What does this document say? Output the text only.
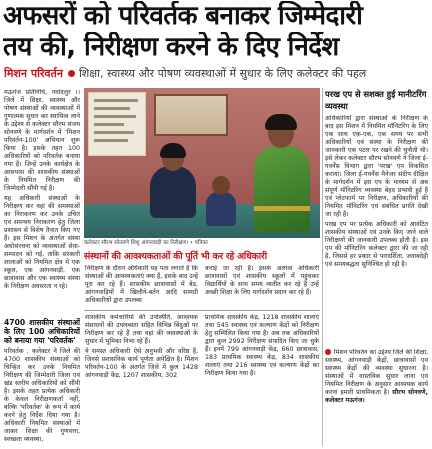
अफसरों को परिवर्तक बनाकर जिम्मेदारी
तय की, निरीक्षण करने के दिए निर्देश
मिशन परिवर्तन शिक्षा, स्वास्थ्य और पोषण व्यवस्थाओं में सुधार के लिए कलेक्टर की पहल

मऊगंज प्रतिनिधि, नवोदलुर ।। जिले में शिक्षा, स्वास्थ्य और पोषण संस्थाओं की व्यवस्थाओं में गुणात्मक सुधार कर स्थायित्व लाने के उद्देश्य से कलेक्टर सौरभ संजय सोनवणे के मार्गदर्शन में 'मिशन परिवर्तन-100' अभियान शुरू किया है। इसके तहत 100 अधिकारियों को परिवर्तक बनाया गया है। जिन्हें उनके कार्यक्षेत्र के आसपास की शासकीय संस्थाओं के नियमित निरीक्षण की जिम्मेदारी सौंपी गई है।

यह अधिकारी संस्थाओं के निरीक्षण कर वहां की समस्याओं का निराकरण कर उनके उचित एवं समन्वय निराकरण हेतु जिला प्रशासन से विशेष तैनात किए गए हैं। इस मिशन के अंतर्गत संस्था अधोसंरचना को व्यवस्थाओं सेवा-सम्पादन को गई, ताकि सरकारी शालाओं को नियमित क्षेत्र में एक स्कूल, एक आंगनवाड़ी, एक छात्रावास और एक स्वास्थ्य संस्था के निरीक्षण अवसरता न रहे।

4700 शासकीय संस्थाओं के लिए 100 अधिकारियों को बनाया गया 'परिवर्तक'

परिवर्तक : कलेक्टर ने जिले की 4700 शासकीय संस्थाओं को चिन्हित कर उनके नियमित निरीक्षण की जिम्मेदारी जिला एवं खंड स्तरीय अधिकारियों को सौंपी है। इसके तहत प्रत्येक अधिकारी के केवल निरीक्षणकर्ता नहीं, बल्कि 'परिवर्तक' के रूप में कार्य करने हेतु निर्देश दिया गया है। अधिकारी नियमित संस्थाओं में जाकर शिक्षा की गुणवत्ता, स्वच्छता व्यवस्था,

कलेक्टर सौरभ सोनवणे शिशु आंगनवाड़ी का निरीक्षण। • पत्रिका
संस्थानों की आवश्यकताओं की पूर्ति भी कर रहे अधिकारी
निरीक्षण के दौरान अधिकारी यह पता लगाते हैं कि संस्थाओं की आवश्यकताएं क्या हैं, इसके बाद उन्हें पूरा कर रहे हैं। शासकीय छात्रावासों में बेड, आंगनवाड़ियों में खिलौने-बर्तन आदि सामग्री अधिकारियों द्वारा उपलब्ध
कराई जा रही हैं। इसके अलावा अधिकारी छात्रावासों एवं शासकीय स्कूलों में पहुंचकर विद्यार्थियों के साथ समय व्यतीत कर रहे हैं उन्हें अच्छी शिक्षा के लिए मार्गदर्शन प्रदान कर रहे हैं।

शासकीय कर्मचारियों की उपस्थिति, आवश्यक संसाधनों की उपलब्धता सहित विभिन्न बिंदुओं पर निरीक्षण कर रहे हैं तथा वहां की व्यवस्थाओं के सुधार में भूमिका निभा रहे हैं।

ये समस्त अधिकारी ऐसे अनुभवी और वरिष्ठ हैं, जिनसे प्रशासनिक कार्य पूर्णता अपेक्षित है। मिशन परिवर्तन-100 के अंतर्गत जिले में कुल 1428 आंगनवाड़ी केंद्र, 1207 शासकीय, 302

प्राथमिक शासकीय केंद्र, 1218 शासकीय शालाएं तथा 545 स्वास्थ्य एवं कल्याण केंद्रों को निरीक्षण हेतु सम्मिलित किया गया है। अब तक अधिकारियों द्वारा कुल 2992 निरीक्षण संपादित किए जा चुके हैं। इनमें 799 आंगनवाड़ी केंद्र, 660 छात्रावास, 183 प्राथमिक स्वास्थ्य केंद्र, 834 शासकीय शालाएं तथा 216 स्वास्थ्य एवं कल्याण केंद्रों का निरीक्षण किया गया है।
परख एप से सशक्त हुई मानीटरिंग व्यवस्था

अधिकारियों द्वारा संस्थाओं के निरीक्षण के बाद इस मिशन में नियमित मॉनिटरिंग के लिए एक साथ एक-एक, एक समय पर सभी अधिकारियों एवं संस्था के निरीक्षण की जानकारी एक पटल पर रखने की चुनौती थी। इसे लेकर कलेक्टर सौरभ सोनवणे ने जिला ई-गवर्नेंस विभाग द्वारा 'परख' एप विकसित कराया। जिला ई-गवर्नेंस मैनेजर संदीप दीक्षित के मार्गदर्शन में इस एप के माध्यम से अब संपूर्ण मॉनिटरिंग व्यवस्था बेहद प्रभावी हुई है एवं प्लेटफार्म पर निरीक्षण, अधिकारियों की नियमित मॉनिटरिंग एवं संबंधित प्रगति देखी जा रही है।

परख एप पर प्रत्येक अधिकारी को आवंटित शासकीय संस्थाओं एवं उनके किए जाने वाले निरीक्षणों की जानकारी उपलब्ध होती है। इस एप की मॉनिटरिंग कलेक्टर द्वारा की जा रही है, जिससे हर प्रकार से पारदर्शिता, जवाबदेही एवं समयबद्धता सुनिश्चित हो रही है।

मिशन परिवर्तन का उद्देश्य जिले की शिक्षा, स्वास्थ्य, आंगनवाड़ी केंद्रों, छात्रावासों एवं स्वास्थ्य केंद्रों की व्यवस्था सुधारना है। संस्थाओं में वास्तविक सुधार लाना एवं नियमित निरीक्षण के अनुसार आवश्यक कार्य करना हमारी प्राथमिकता है। सौरभ सोनवणे, कलेक्टर मऊगंज।
